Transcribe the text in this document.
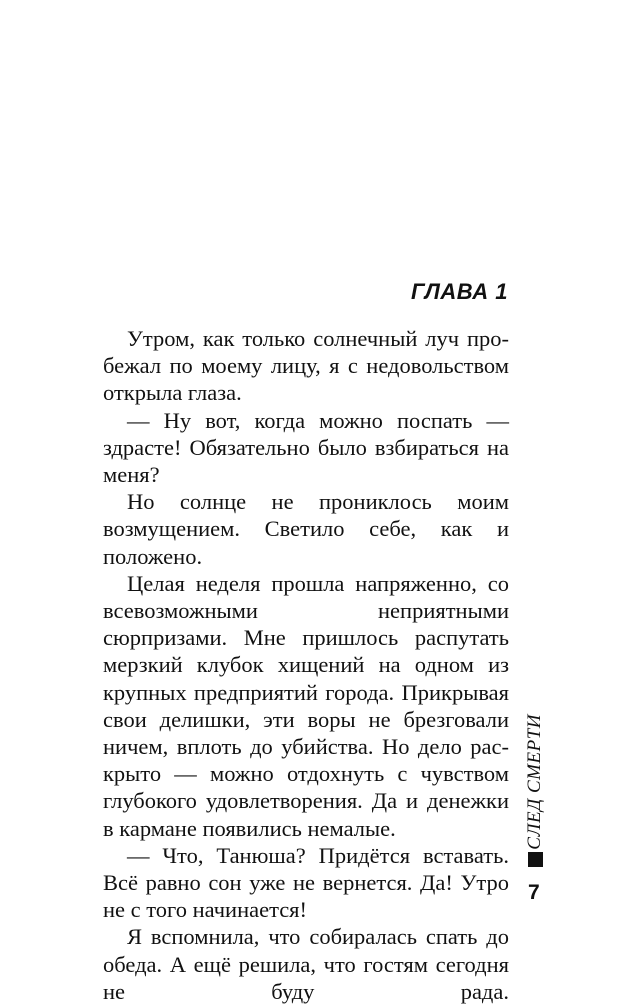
ГЛАВА 1

Утром, как только солнечный луч пробежал по моему лицу, я с недовольством открыла глаза.

— Ну вот, когда можно поспать — здрасте! Обязательно было взбираться на меня?

Но солнце не прониклось моим возмущением. Светило себе, как и положено.

Целая неделя прошла напряженно, со всевозможными неприятными сюрпризами. Мне пришлось распутать мерзкий клубок хищений на одном из крупных предприятий города. Прикрывая свои делишки, эти воры не брезговали ничем, вплоть до убийства. Но дело раскрыто — можно отдохнуть с чувством глубокого удовлетворения. Да и денежки в кармане появились немалые.

— Что, Танюша? Придётся вставать. Всё равно сон уже не вернется. Да! Утро не с того начинается!

Я вспомнила, что собиралась спать до обеда. А ещё решила, что гостям сегодня не буду рада.

СЛЕД СМЕРТИ

7
